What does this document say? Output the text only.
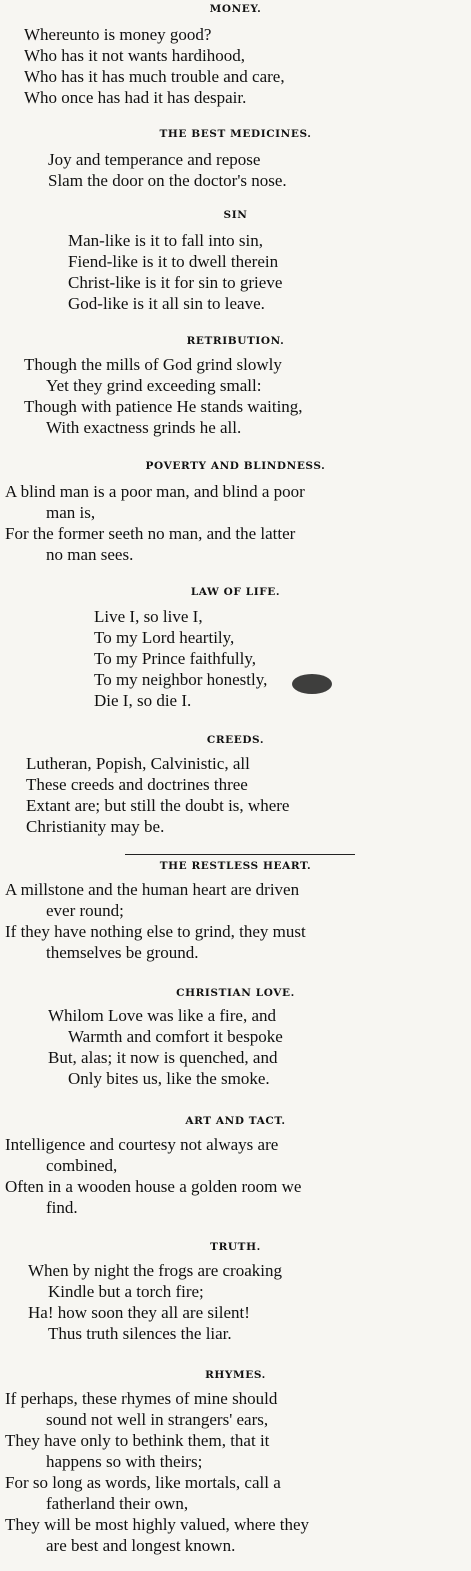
MONEY.

Whereunto is money good?

Who has it not wants hardihood,

Who has it has much trouble and care,

Who once has had it has despair.

THE BEST MEDICINES.

Joy and temperance and repose

Slam the door on the doctor's nose.

SIN

Man-like is it to fall into sin,

Fiend-like is it to dwell therein

Christ-like is it for sin to grieve

God-like is it all sin to leave.

RETRIBUTION.

Though the mills of God grind slowly

Yet they grind exceeding small:

Though with patience He stands waiting,

With exactness grinds he all.

POVERTY AND BLINDNESS.

A blind man is a poor man, and blind a poor

man is,

For the former seeth no man, and the latter

no man sees.

LAW OF LIFE.

Live I, so live I,

To my Lord heartily,

To my Prince faithfully,

To my neighbor honestly,

Die I, so die I.

CREEDS.

Lutheran, Popish, Calvinistic, all

These creeds and doctrines three

Extant are; but still the doubt is, where

Christianity may be.

THE RESTLESS HEART.

A millstone and the human heart are driven

ever round;

If they have nothing else to grind, they must

themselves be ground.

CHRISTIAN LOVE.

Whilom Love was like a fire, and

Warmth and comfort it bespoke

But, alas; it now is quenched, and

Only bites us, like the smoke.

ART AND TACT.

Intelligence and courtesy not always are

combined,

Often in a wooden house a golden room we

find.

TRUTH.

When by night the frogs are croaking

Kindle but a torch fire;

Ha! how soon they all are silent!

Thus truth silences the liar.

RHYMES.

If perhaps, these rhymes of mine should

sound not well in strangers' ears,

They have only to bethink them, that it

happens so with theirs;

For so long as words, like mortals, call a

fatherland their own,

They will be most highly valued, where they

are best and longest known.
